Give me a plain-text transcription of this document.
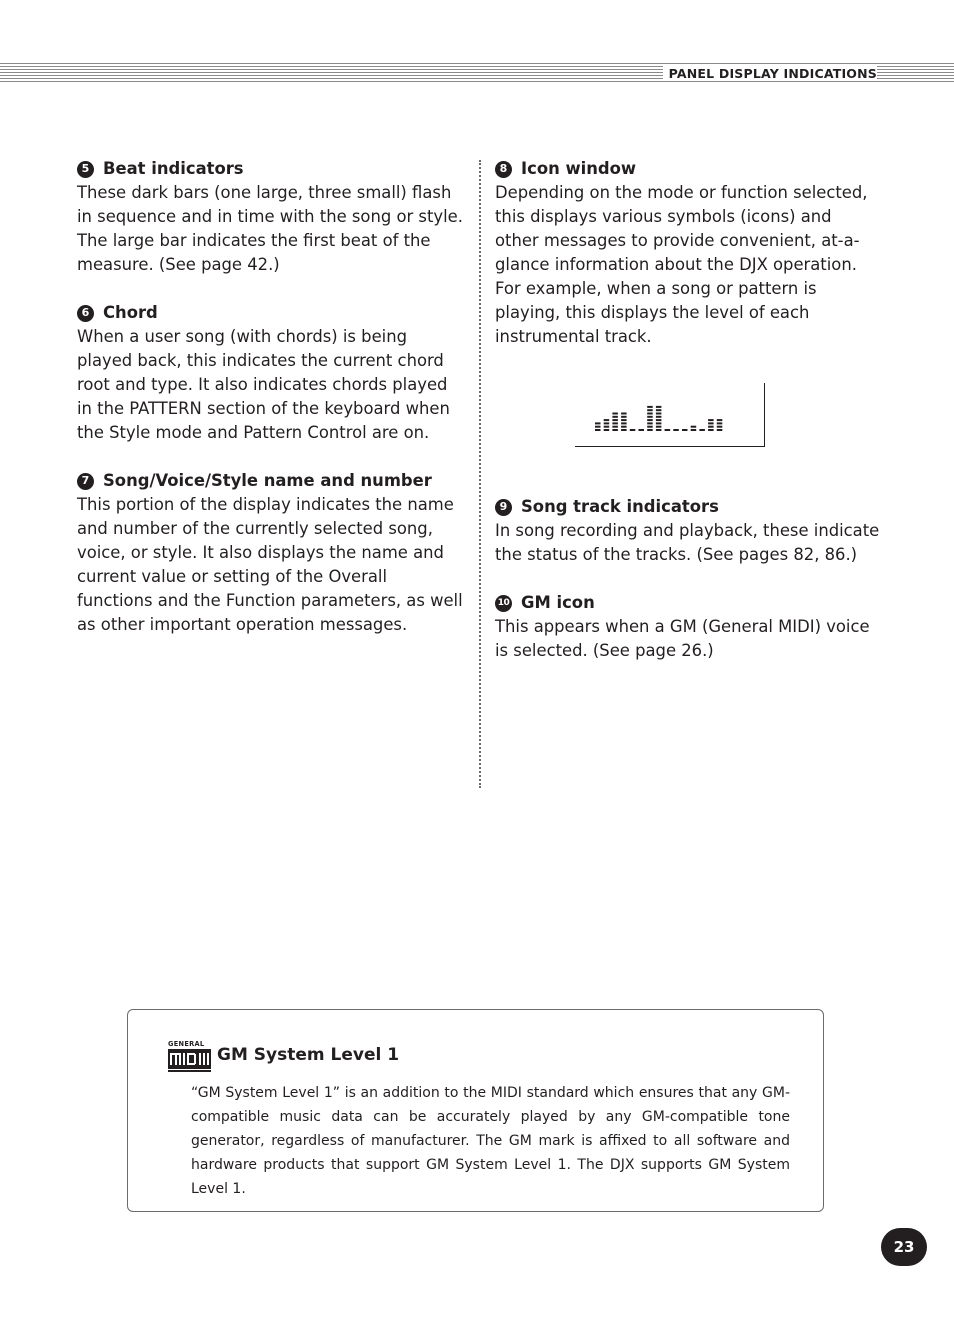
PANEL DISPLAY INDICATIONS
5 Beat indicators
These dark bars (one large, three small) flash in sequence and in time with the song or style. The large bar indicates the first beat of the measure. (See page 42.)
6 Chord
When a user song (with chords) is being played back, this indicates the current chord root and type. It also indicates chords played in the PATTERN section of the keyboard when the Style mode and Pattern Control are on.
7 Song/Voice/Style name and number
This portion of the display indicates the name and number of the currently selected song, voice, or style. It also displays the name and current value or setting of the Overall functions and the Function parameters, as well as other important operation messages.
8 Icon window
Depending on the mode or function selected, this displays various symbols (icons) and other messages to provide convenient, at-a-glance information about the DJX operation. For example, when a song or pattern is playing, this displays the level of each instrumental track.
9 Song track indicators
In song recording and playback, these indicate the status of the tracks. (See pages 82, 86.)
10 GM icon
This appears when a GM (General MIDI) voice is selected. (See page 26.)
GENERAL
GM System Level 1
“GM System Level 1” is an addition to the MIDI standard which ensures that any GM-compatible music data can be accurately played by any GM-compatible tone generator, regardless of manufacturer. The GM mark is affixed to all software and hardware products that support GM System Level 1. The DJX supports GM System Level 1.
23
